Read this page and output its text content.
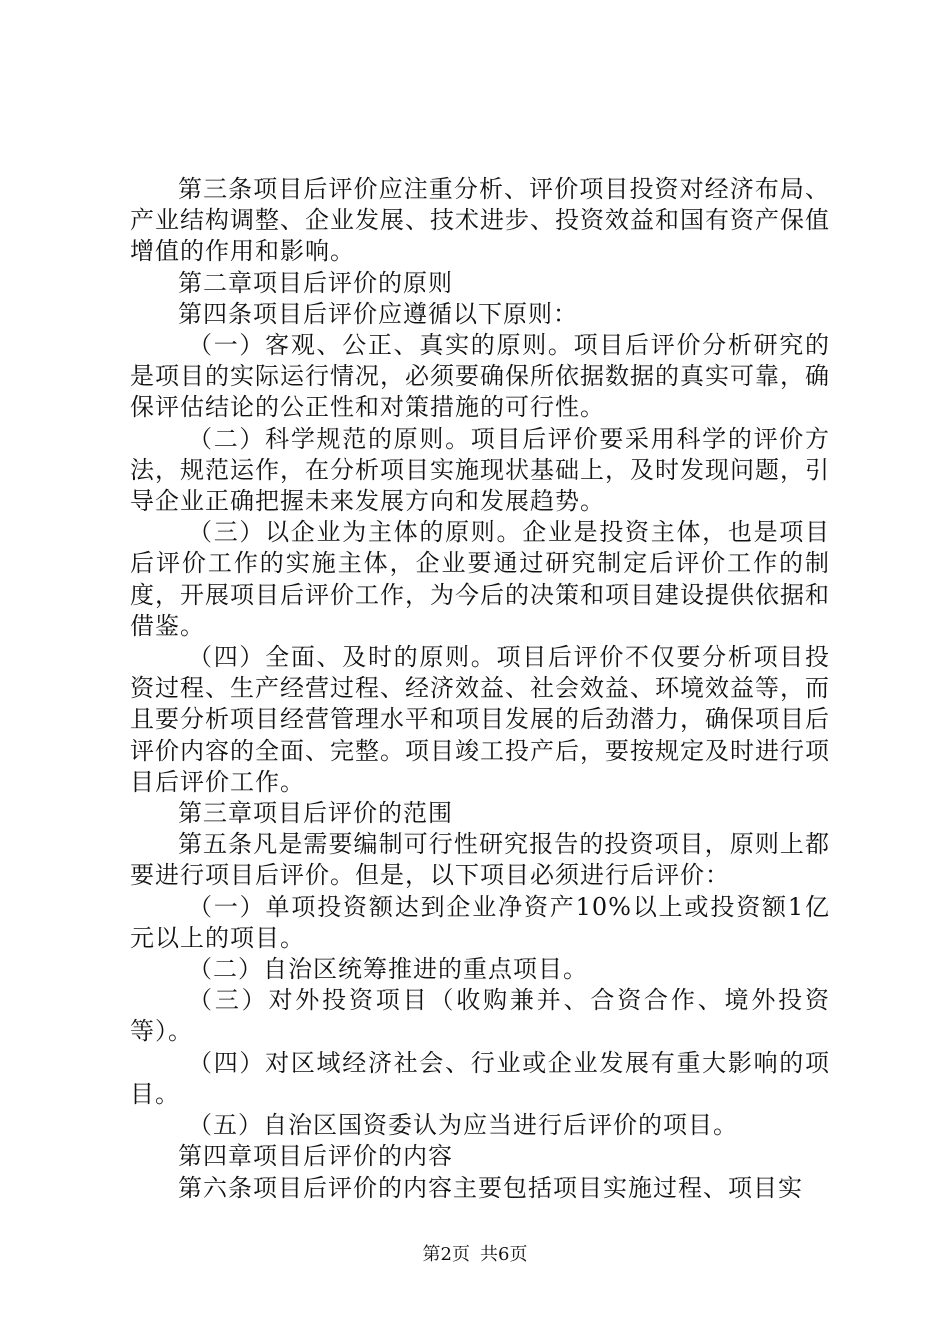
第三条项目后评价应注重分析、评价项目投资对经济布局、产业结构调整、企业发展、技术进步、投资效益和国有资产保值增值的作用和影响。

第二章项目后评价的原则

第四条项目后评价应遵循以下原则：

（一）客观、公正、真实的原则。项目后评价分析研究的是项目的实际运行情况，必须要确保所依据数据的真实可靠，确保评估结论的公正性和对策措施的可行性。

（二）科学规范的原则。项目后评价要采用科学的评价方法，规范运作，在分析项目实施现状基础上，及时发现问题，引导企业正确把握未来发展方向和发展趋势。

（三）以企业为主体的原则。企业是投资主体，也是项目后评价工作的实施主体，企业要通过研究制定后评价工作的制度，开展项目后评价工作，为今后的决策和项目建设提供依据和借鉴。

（四）全面、及时的原则。项目后评价不仅要分析项目投资过程、生产经营过程、经济效益、社会效益、环境效益等，而且要分析项目经营管理水平和项目发展的后劲潜力，确保项目后评价内容的全面、完整。项目竣工投产后，要按规定及时进行项目后评价工作。

第三章项目后评价的范围

第五条凡是需要编制可行性研究报告的投资项目，原则上都要进行项目后评价。但是，以下项目必须进行后评价：

（一）单项投资额达到企业净资产10%以上或投资额1亿元以上的项目。

（二）自治区统筹推进的重点项目。

（三）对外投资项目（收购兼并、合资合作、境外投资等）。

（四）对区域经济社会、行业或企业发展有重大影响的项目。

（五）自治区国资委认为应当进行后评价的项目。

第四章项目后评价的内容

第六条项目后评价的内容主要包括项目实施过程、项目实

第2页 共6页
